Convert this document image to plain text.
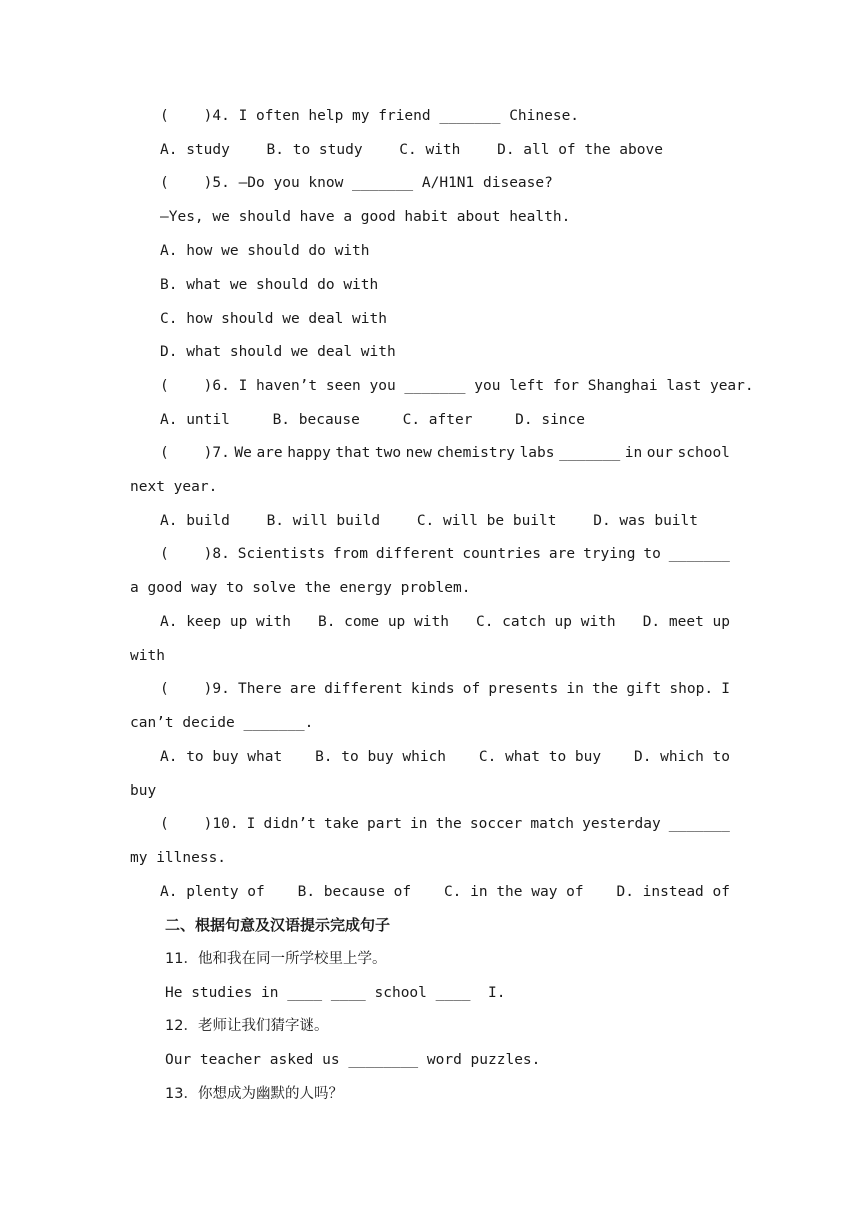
(    )4. I often help my friend _______ Chinese.
A. study	B. to study	C. with	D. all of the above
(    )5. —Do you know _______ A/H1N1 disease?
—Yes, we should have a good habit about health.
A. how we should do with
B. what we should do with
C. how should we deal with
D. what should we deal with
(    )6. I haven’t seen you _______ you left for Shanghai last year.
A. until	B. because	C. after	D. since
(    )7. We are happy that two new chemistry labs _______ in our school
next year.
A. build	B. will build	C. will be built	D. was built
(    )8. Scientists from different countries are trying to _______
a good way to solve the energy problem.
A. keep up with B. come up with C. catch up with D. meet up
with
(    )9. There are different kinds of presents in the gift shop. I
can’t decide _______.
A. to buy what B. to buy which C. what to buy D. which to
buy
(    )10. I didn’t take part in the soccer match yesterday _______
my illness.
A. plenty of B. because of C. in the way of D. instead of
二、根据句意及汉语提示完成句子
11．他和我在同一所学校里上学。
He studies in ____ ____ school ____  I.
12．老师让我们猜字谜。
Our teacher asked us ________ word puzzles.
13．你想成为幽默的人吗？
